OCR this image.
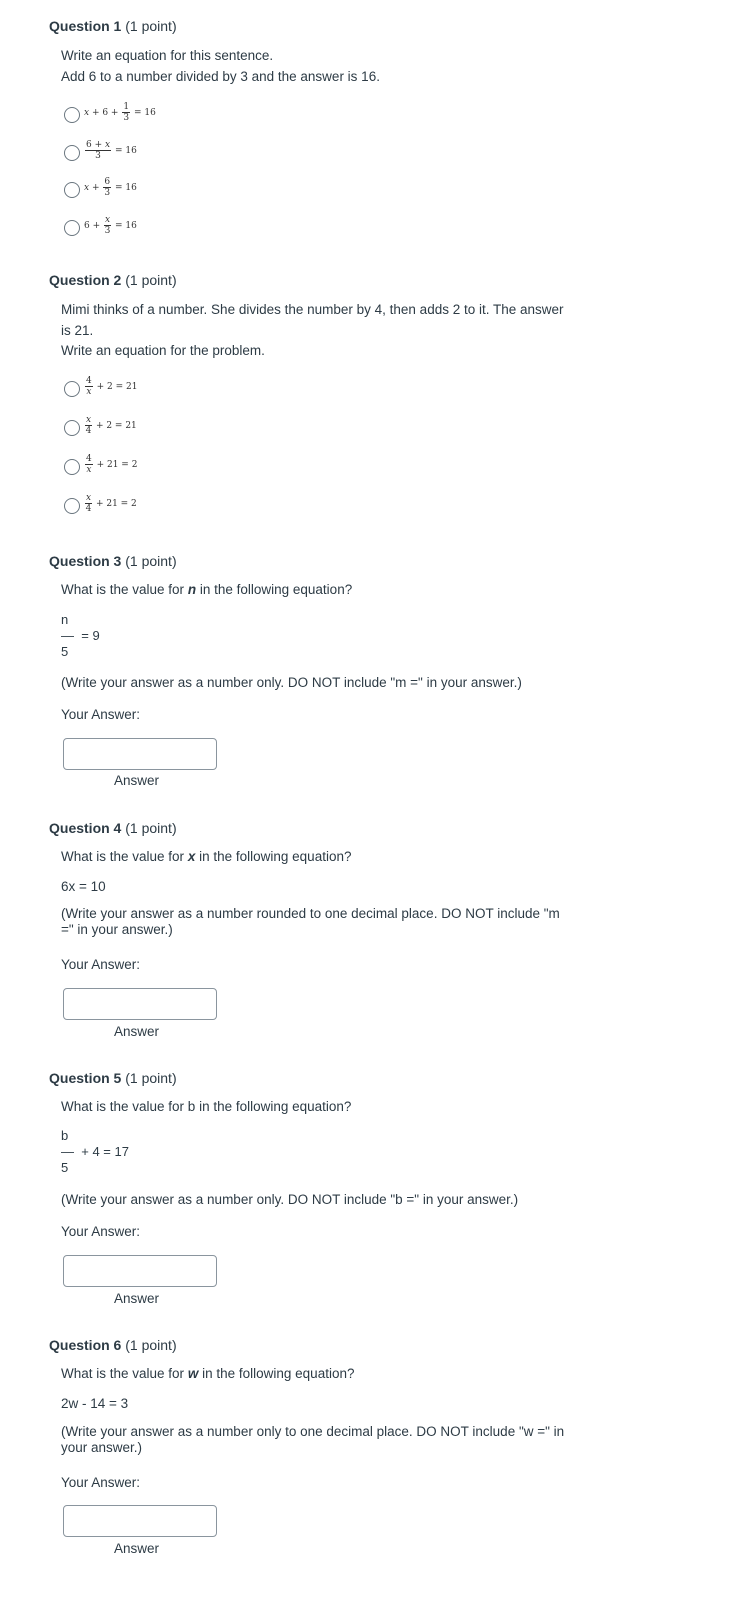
Question 1 (1 point)
Write an equation for this sentence.
Add 6 to a number divided by 3 and the answer is 16.
$x + 6 + \frac{1}{3} = 16$
$\frac{6 + x}{3} = 16$
$x + \frac{6}{3} = 16$
$6 + \frac{x}{3} = 16$
Question 2 (1 point)
Mimi thinks of a number. She divides the number by 4, then adds 2 to it. The answer
is 21.
Write an equation for the problem.
$\frac{4}{x} + 2 = 21$
$\frac{x}{4} + 2 = 21$
$\frac{4}{x} + 21 = 2$
$\frac{x}{4} + 21 = 2$
Question 3 (1 point)
What is the value for n in the following equation?
n
— = 9
5
(Write your answer as a number only. DO NOT include "m =" in your answer.)
Your Answer:
Answer
Question 4 (1 point)
What is the value for x in the following equation?
6x = 10
(Write your answer as a number rounded to one decimal place. DO NOT include "m
=" in your answer.)
Your Answer:
Answer
Question 5 (1 point)
What is the value for b in the following equation?
b
— + 4 = 17
5
(Write your answer as a number only. DO NOT include "b =" in your answer.)
Your Answer:
Answer
Question 6 (1 point)
What is the value for w in the following equation?
2w - 14 = 3
(Write your answer as a number only to one decimal place. DO NOT include "w =" in
your answer.)
Your Answer:
Answer
